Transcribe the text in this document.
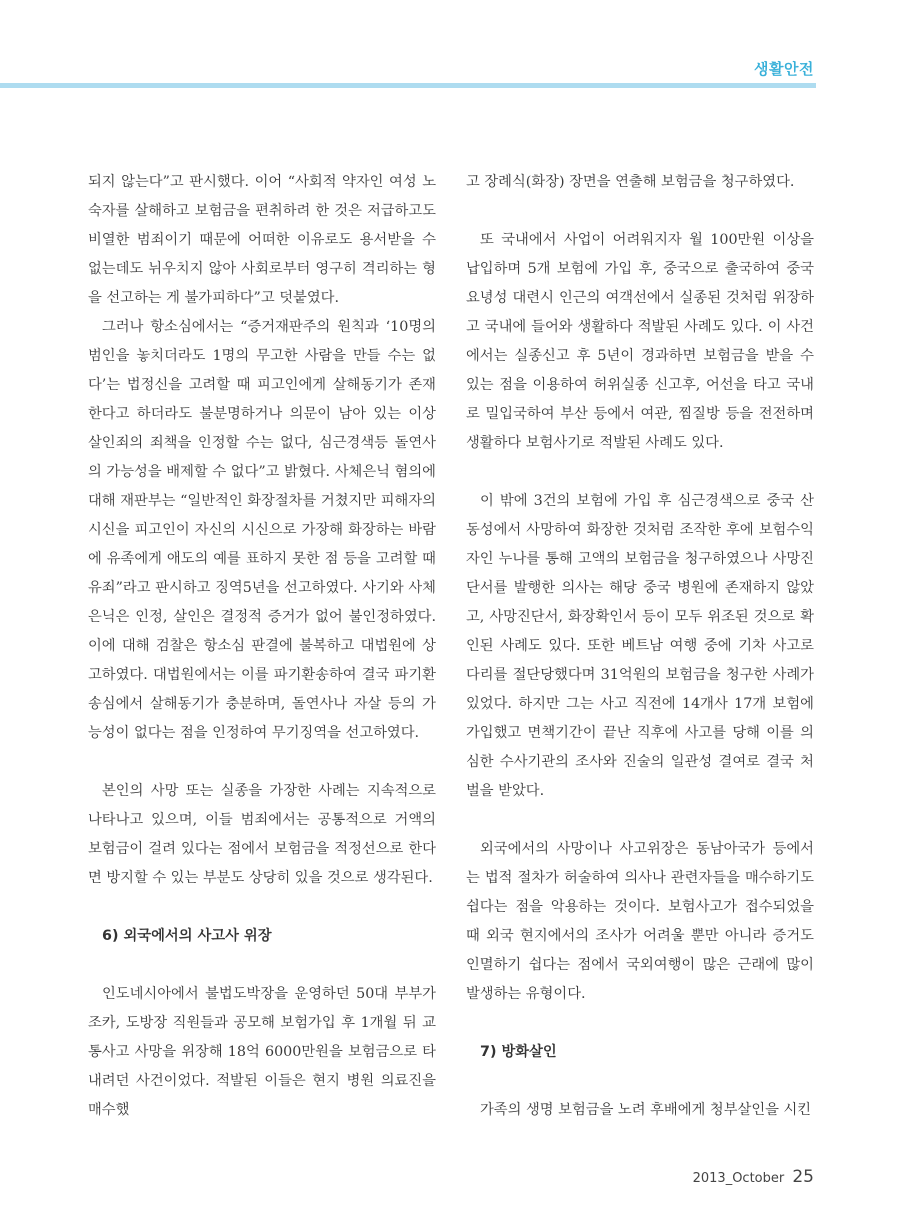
생활안전

되지 않는다”고 판시했다. 이어 “사회적 약자인 여성 노숙자를 살해하고 보험금을 편취하려 한 것은 저급하고도 비열한 범죄이기 때문에 어떠한 이유로도 용서받을 수 없는데도 뉘우치지 않아 사회로부터 영구히 격리하는 형을 선고하는 게 불가피하다”고 덧붙였다.

그러나 항소심에서는 “증거재판주의 원칙과 ‘10명의 범인을 놓치더라도 1명의 무고한 사람을 만들 수는 없다’는 법정신을 고려할 때 피고인에게 살해동기가 존재한다고 하더라도 불분명하거나 의문이 남아 있는 이상 살인죄의 죄책을 인정할 수는 없다, 심근경색등 돌연사의 가능성을 배제할 수 없다”고 밝혔다. 사체은닉 혐의에 대해 재판부는 “일반적인 화장절차를 거쳤지만 피해자의 시신을 피고인이 자신의 시신으로 가장해 화장하는 바람에 유족에게 애도의 예를 표하지 못한 점 등을 고려할 때 유죄”라고 판시하고 징역5년을 선고하였다. 사기와 사체은닉은 인정, 살인은 결정적 증거가 없어 불인정하였다. 이에 대해 검찰은 항소심 판결에 불복하고 대법원에 상고하였다. 대법원에서는 이를 파기환송하여 결국 파기환송심에서 살해동기가 충분하며, 돌연사나 자살 등의 가능성이 없다는 점을 인정하여 무기징역을 선고하였다.

본인의 사망 또는 실종을 가장한 사례는 지속적으로 나타나고 있으며, 이들 범죄에서는 공통적으로 거액의 보험금이 걸려 있다는 점에서 보험금을 적정선으로 한다면 방지할 수 있는 부분도 상당히 있을 것으로 생각된다.

6) 외국에서의 사고사 위장

인도네시아에서 불법도박장을 운영하던 50대 부부가 조카, 도방장 직원들과 공모해 보험가입 후 1개월 뒤 교통사고 사망을 위장해 18억 6000만원을 보험금으로 타내려던 사건이었다. 적발된 이들은 현지 병원 의료진을 매수했

고 장례식(화장) 장면을 연출해 보험금을 청구하였다.

또 국내에서 사업이 어려워지자 월 100만원 이상을 납입하며 5개 보험에 가입 후, 중국으로 출국하여 중국 요녕성 대련시 인근의 여객선에서 실종된 것처럼 위장하고 국내에 들어와 생활하다 적발된 사례도 있다. 이 사건에서는 실종신고 후 5년이 경과하면 보험금을 받을 수 있는 점을 이용하여 허위실종 신고후, 어선을 타고 국내로 밀입국하여 부산 등에서 여관, 찜질방 등을 전전하며 생활하다 보험사기로 적발된 사례도 있다.

이 밖에 3건의 보험에 가입 후 심근경색으로 중국 산동성에서 사망하여 화장한 것처럼 조작한 후에 보험수익자인 누나를 통해 고액의 보험금을 청구하였으나 사망진단서를 발행한 의사는 해당 중국 병원에 존재하지 않았고, 사망진단서, 화장확인서 등이 모두 위조된 것으로 확인된 사례도 있다. 또한 베트남 여행 중에 기차 사고로 다리를 절단당했다며 31억원의 보험금을 청구한 사례가 있었다. 하지만 그는 사고 직전에 14개사 17개 보험에 가입했고 면책기간이 끝난 직후에 사고를 당해 이를 의심한 수사기관의 조사와 진술의 일관성 결여로 결국 처벌을 받았다.

외국에서의 사망이나 사고위장은 동남아국가 등에서는 법적 절차가 허술하여 의사나 관련자들을 매수하기도 쉽다는 점을 악용하는 것이다. 보험사고가 접수되었을 때 외국 현지에서의 조사가 어려울 뿐만 아니라 증거도 인멸하기 쉽다는 점에서 국외여행이 많은 근래에 많이 발생하는 유형이다.

7) 방화살인

가족의 생명 보험금을 노려 후배에게 청부살인을 시킨

2013_October 25
